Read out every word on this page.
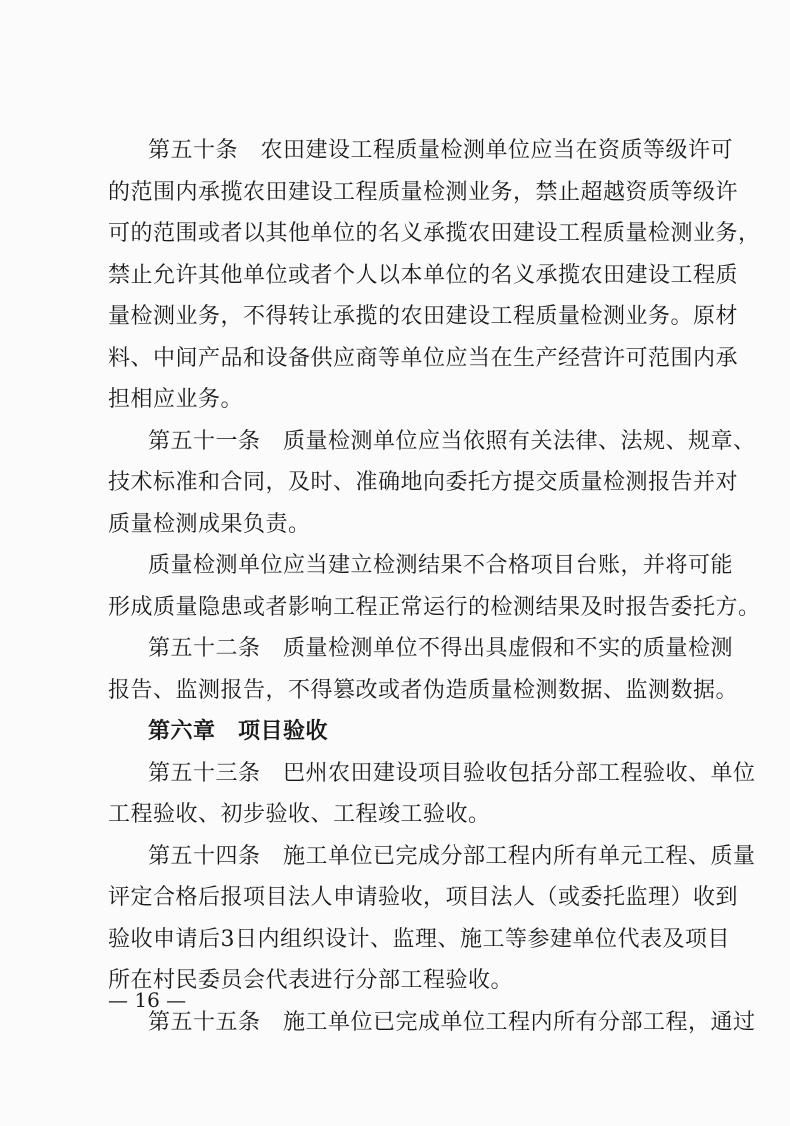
第五十条　农田建设工程质量检测单位应当在资质等级许可
的范围内承揽农田建设工程质量检测业务，禁止超越资质等级许
可的范围或者以其他单位的名义承揽农田建设工程质量检测业务，
禁止允许其他单位或者个人以本单位的名义承揽农田建设工程质
量检测业务，不得转让承揽的农田建设工程质量检测业务。原材
料、中间产品和设备供应商等单位应当在生产经营许可范围内承
担相应业务。
第五十一条　质量检测单位应当依照有关法律、法规、规章、
技术标准和合同，及时、准确地向委托方提交质量检测报告并对
质量检测成果负责。
质量检测单位应当建立检测结果不合格项目台账，并将可能
形成质量隐患或者影响工程正常运行的检测结果及时报告委托方。
第五十二条　质量检测单位不得出具虚假和不实的质量检测
报告、监测报告，不得篡改或者伪造质量检测数据、监测数据。
第六章　项目验收
第五十三条　巴州农田建设项目验收包括分部工程验收、单位
工程验收、初步验收、工程竣工验收。
第五十四条　施工单位已完成分部工程内所有单元工程、质量
评定合格后报项目法人申请验收，项目法人（或委托监理）收到
验收申请后3日内组织设计、监理、施工等参建单位代表及项目
所在村民委员会代表进行分部工程验收。
第五十五条　施工单位已完成单位工程内所有分部工程，通过
— 16 —
